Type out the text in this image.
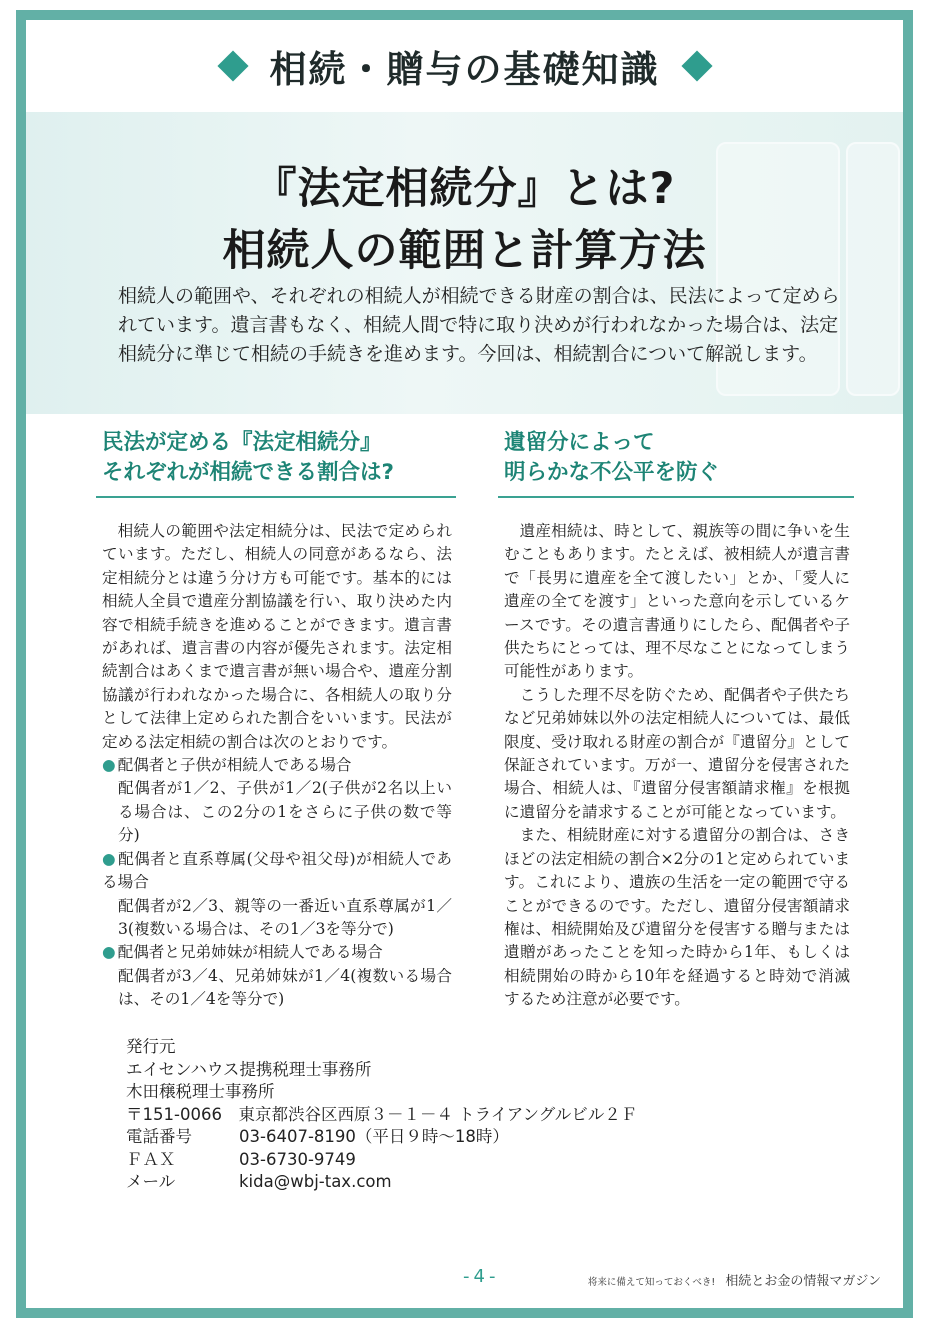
相続・贈与の基礎知識
『法定相続分』とは?
相続人の範囲と計算方法
相続人の範囲や、それぞれの相続人が相続できる財産の割合は、民法によって定められています。遺言書もなく、相続人間で特に取り決めが行われなかった場合は、法定相続分に準じて相続の手続きを進めます。今回は、相続割合について解説します。
民法が定める『法定相続分』
それぞれが相続できる割合は?

相続人の範囲や法定相続分は、民法で定められています。ただし、相続人の同意があるなら、法定相続分とは違う分け方も可能です。基本的には相続人全員で遺産分割協議を行い、取り決めた内容で相続手続きを進めることができます。遺言書があれば、遺言書の内容が優先されます。法定相続割合はあくまで遺言書が無い場合や、遺産分割協議が行われなかった場合に、各相続人の取り分として法律上定められた割合をいいます。民法が定める法定相続の割合は次のとおりです。

● 配偶者と子供が相続人である場合
配偶者が1／2、子供が1／2(子供が2名以上いる場合は、この2分の1をさらに子供の数で等分)
● 配偶者と直系尊属(父母や祖父母)が相続人である場合
配偶者が2／3、親等の一番近い直系尊属が1／3(複数いる場合は、その1／3を等分で)
● 配偶者と兄弟姉妹が相続人である場合
配偶者が3／4、兄弟姉妹が1／4(複数いる場合は、その1／4を等分で)
遺留分によって
明らかな不公平を防ぐ

遺産相続は、時として、親族等の間に争いを生むこともあります。たとえば、被相続人が遺言書で「長男に遺産を全て渡したい」とか、「愛人に遺産の全てを渡す」といった意向を示しているケースです。その遺言書通りにしたら、配偶者や子供たちにとっては、理不尽なことになってしまう可能性があります。

こうした理不尽を防ぐため、配偶者や子供たちなど兄弟姉妹以外の法定相続人については、最低限度、受け取れる財産の割合が『遺留分』として保証されています。万が一、遺留分を侵害された場合、相続人は、『遺留分侵害額請求権』を根拠に遺留分を請求することが可能となっています。

また、相続財産に対する遺留分の割合は、さきほどの法定相続の割合×2分の1と定められています。これにより、遺族の生活を一定の範囲で守ることができるのです。ただし、遺留分侵害額請求権は、相続開始及び遺留分を侵害する贈与または遺贈があったことを知った時から1年、もしくは相続開始の時から10年を経過すると時効で消滅するため注意が必要です。

発行元
エイセンハウス提携税理士事務所
木田穣税理士事務所
〒151-0066　東京都渋谷区西原３－１－４ トライアングルビル２Ｆ
電話番号	03-6407-8190（平日９時～18時）
ＦＡＸ	03-6730-9749
メール	kida@wbj-tax.com
-4-	将来に備えて知っておくべき! 相続とお金の情報マガジン
